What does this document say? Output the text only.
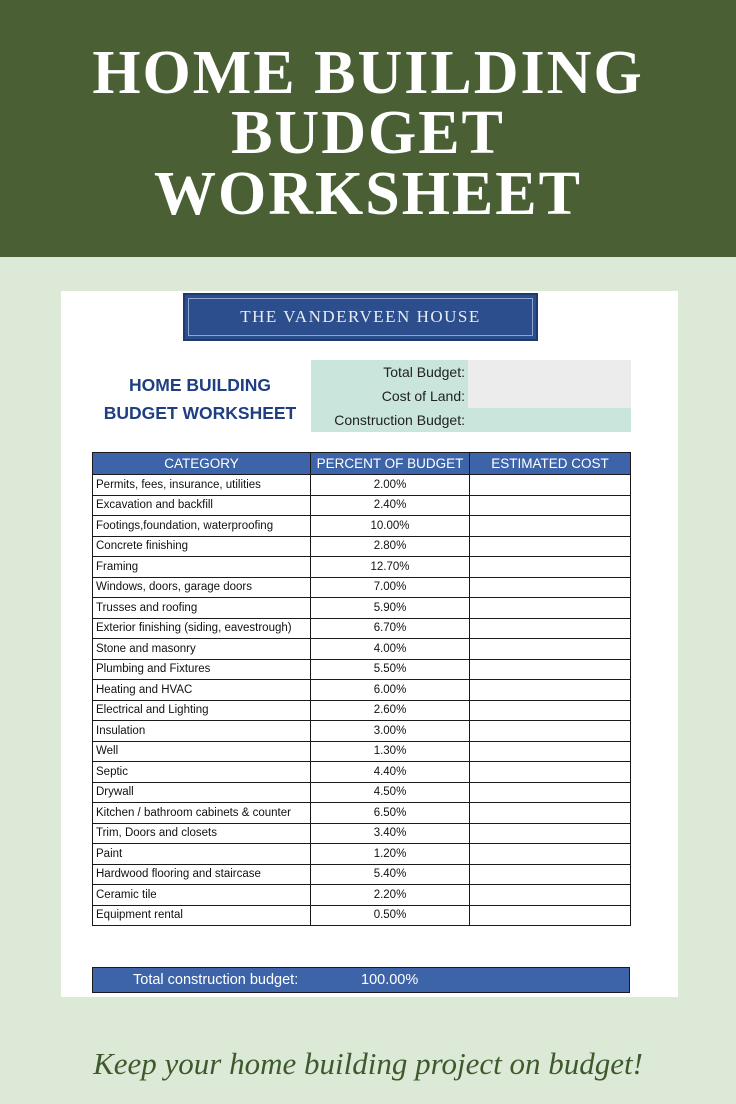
HOME BUILDING
BUDGET
WORKSHEET
THE VANDERVEEN HOUSE
HOME BUILDING
BUDGET WORKSHEET
Total Budget:
Cost of Land:
Construction Budget:
CATEGORY	PERCENT OF BUDGET	ESTIMATED COST
Permits, fees, insurance, utilities	2.00%	
Excavation and backfill	2.40%	
Footings,foundation, waterproofing	10.00%	
Concrete finishing	2.80%	
Framing	12.70%	
Windows, doors, garage doors	7.00%	
Trusses and roofing	5.90%	
Exterior finishing (siding, eavestrough)	6.70%	
Stone and masonry	4.00%	
Plumbing and Fixtures	5.50%	
Heating and HVAC	6.00%	
Electrical and Lighting	2.60%	
Insulation	3.00%	
Well	1.30%	
Septic	4.40%	
Drywall	4.50%	
Kitchen / bathroom cabinets & counter	6.50%	
Trim, Doors and closets	3.40%	
Paint	1.20%	
Hardwood flooring and staircase	5.40%	
Ceramic tile	2.20%	
Equipment rental	0.50%	
Total construction budget:	100.00%
Keep your home building project on budget!
